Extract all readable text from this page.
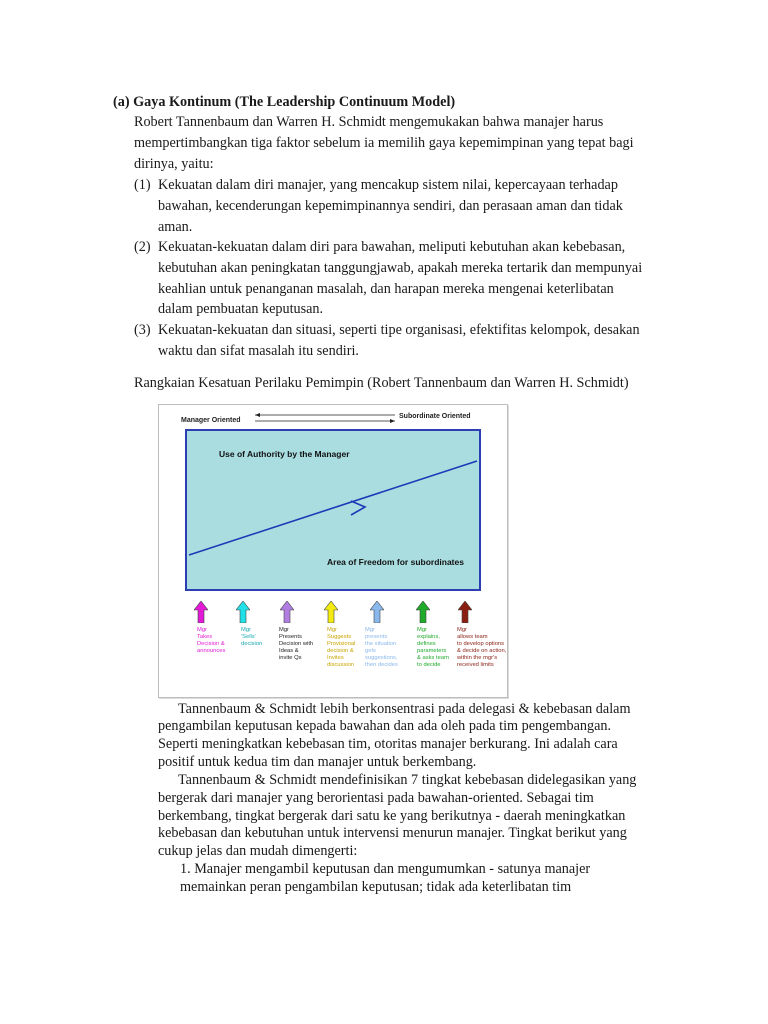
(a) Gaya Kontinum (The Leadership Continuum Model)
Robert Tannenbaum dan Warren H. Schmidt mengemukakan bahwa manajer harus
mempertimbangkan tiga faktor sebelum ia memilih gaya kepemimpinan yang tepat bagi
dirinya, yaitu:
(1) Kekuatan dalam diri manajer, yang mencakup sistem nilai, kepercayaan terhadap
bawahan, kecenderungan kepemimpinannya sendiri, dan perasaan aman dan tidak
aman.
(2) Kekuatan-kekuatan dalam diri para bawahan, meliputi kebutuhan akan kebebasan,
kebutuhan akan peningkatan tanggungjawab, apakah mereka tertarik dan mempunyai
keahlian untuk penanganan masalah, dan harapan mereka mengenai keterlibatan
dalam pembuatan keputusan.
(3) Kekuatan-kekuatan dan situasi, seperti tipe organisasi, efektifitas kelompok, desakan
waktu dan sifat masalah itu sendiri.
Rangkaian Kesatuan Perilaku Pemimpin (Robert Tannenbaum dan Warren H. Schmidt)
Manager Oriented
Subordinate Oriented
Use of Authority by the Manager
Area of Freedom for subordinates
Mgr
Takes
Decision &
announces
Mgr
'Sells'
decision
Mgr
Presents
Decision with
Ideas &
invite Qs
Mgr
Suggests
Provisional
decision &
Invites
discussion
Mgr
presents
the situation
gets
suggestions,
then decides
Mgr
explains,
defines
parameters
& asks team
to decide
Mgr
allows team
to develop options
& decide on action,
within the mgr's
received limits
Tannenbaum & Schmidt lebih berkonsentrasi pada delegasi & kebebasan dalam
pengambilan keputusan kepada bawahan dan ada oleh pada tim pengembangan.
Seperti meningkatkan kebebasan tim, otoritas manajer berkurang. Ini adalah cara
positif untuk kedua tim dan manajer untuk berkembang.
Tannenbaum & Schmidt mendefinisikan 7 tingkat kebebasan didelegasikan yang
bergerak dari manajer yang berorientasi pada bawahan-oriented. Sebagai tim
berkembang, tingkat bergerak dari satu ke yang berikutnya - daerah meningkatkan
kebebasan dan kebutuhan untuk intervensi menurun manajer. Tingkat berikut yang
cukup jelas dan mudah dimengerti:
1. Manajer mengambil keputusan dan mengumumkan - satunya manajer
memainkan peran pengambilan keputusan; tidak ada keterlibatan tim
